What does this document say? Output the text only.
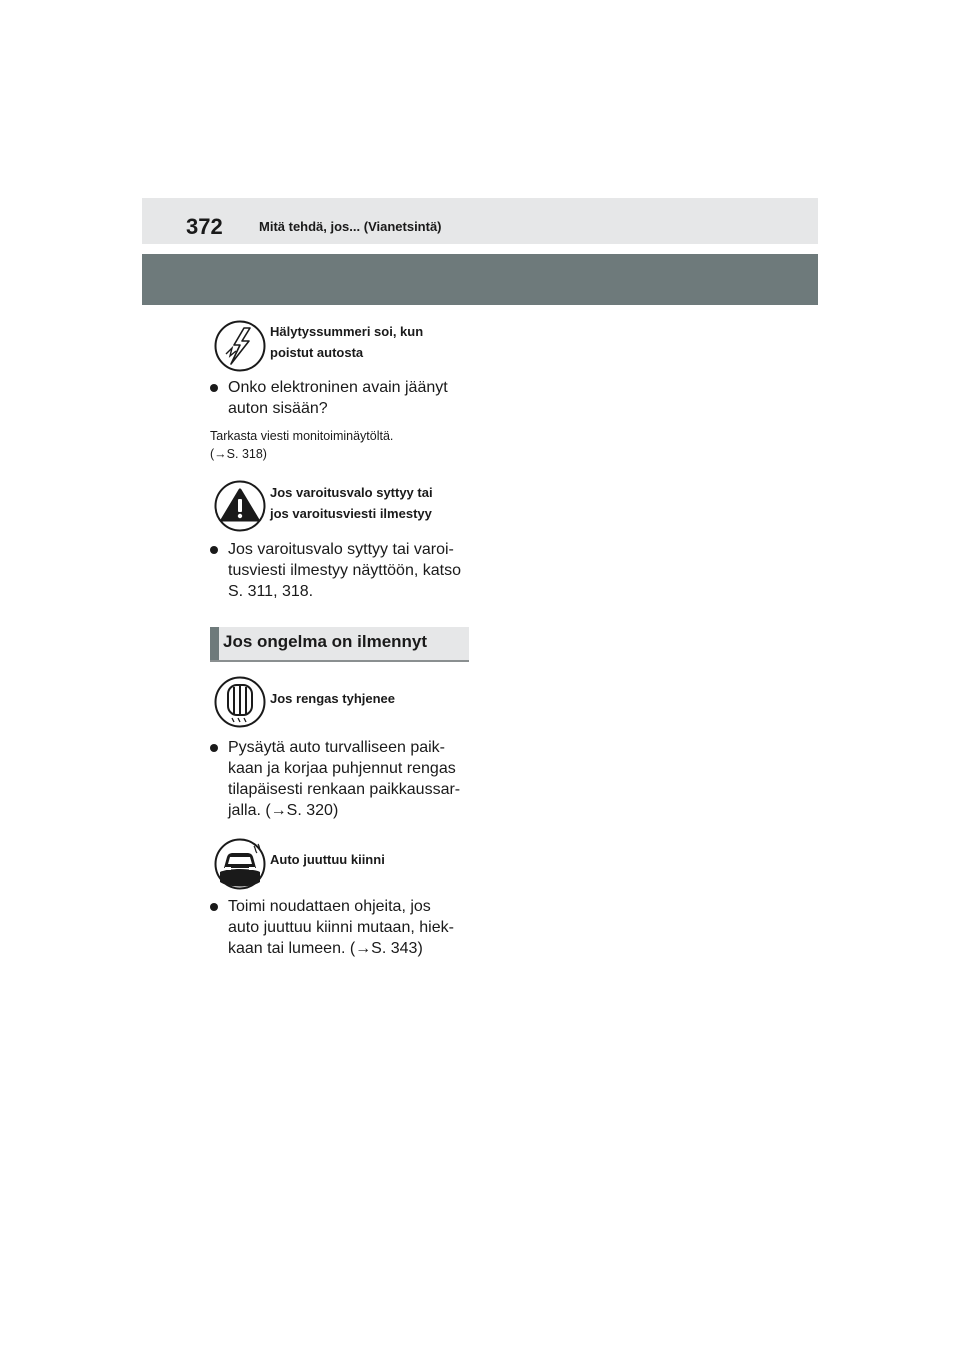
372	Mitä tehdä, jos... (Vianetsintä)
Hälytyssummeri soi, kun
poistut autosta
Onko elektroninen avain jäänyt
auton sisään?
Tarkasta viesti monitoiminäytöltä.
(→S. 318)
Jos varoitusvalo syttyy tai
jos varoitusviesti ilmestyy
Jos varoitusvalo syttyy tai varoi-
tusviesti ilmestyy näyttöön, katso
S. 311, 318.
Jos ongelma on ilmennyt
Jos rengas tyhjenee
Pysäytä auto turvalliseen paik-
kaan ja korjaa puhjennut rengas
tilapäisesti renkaan paikkaussar-
jalla. (→S. 320)
Auto juuttuu kiinni
Toimi noudattaen ohjeita, jos
auto juuttuu kiinni mutaan, hiek-
kaan tai lumeen. (→S. 343)
